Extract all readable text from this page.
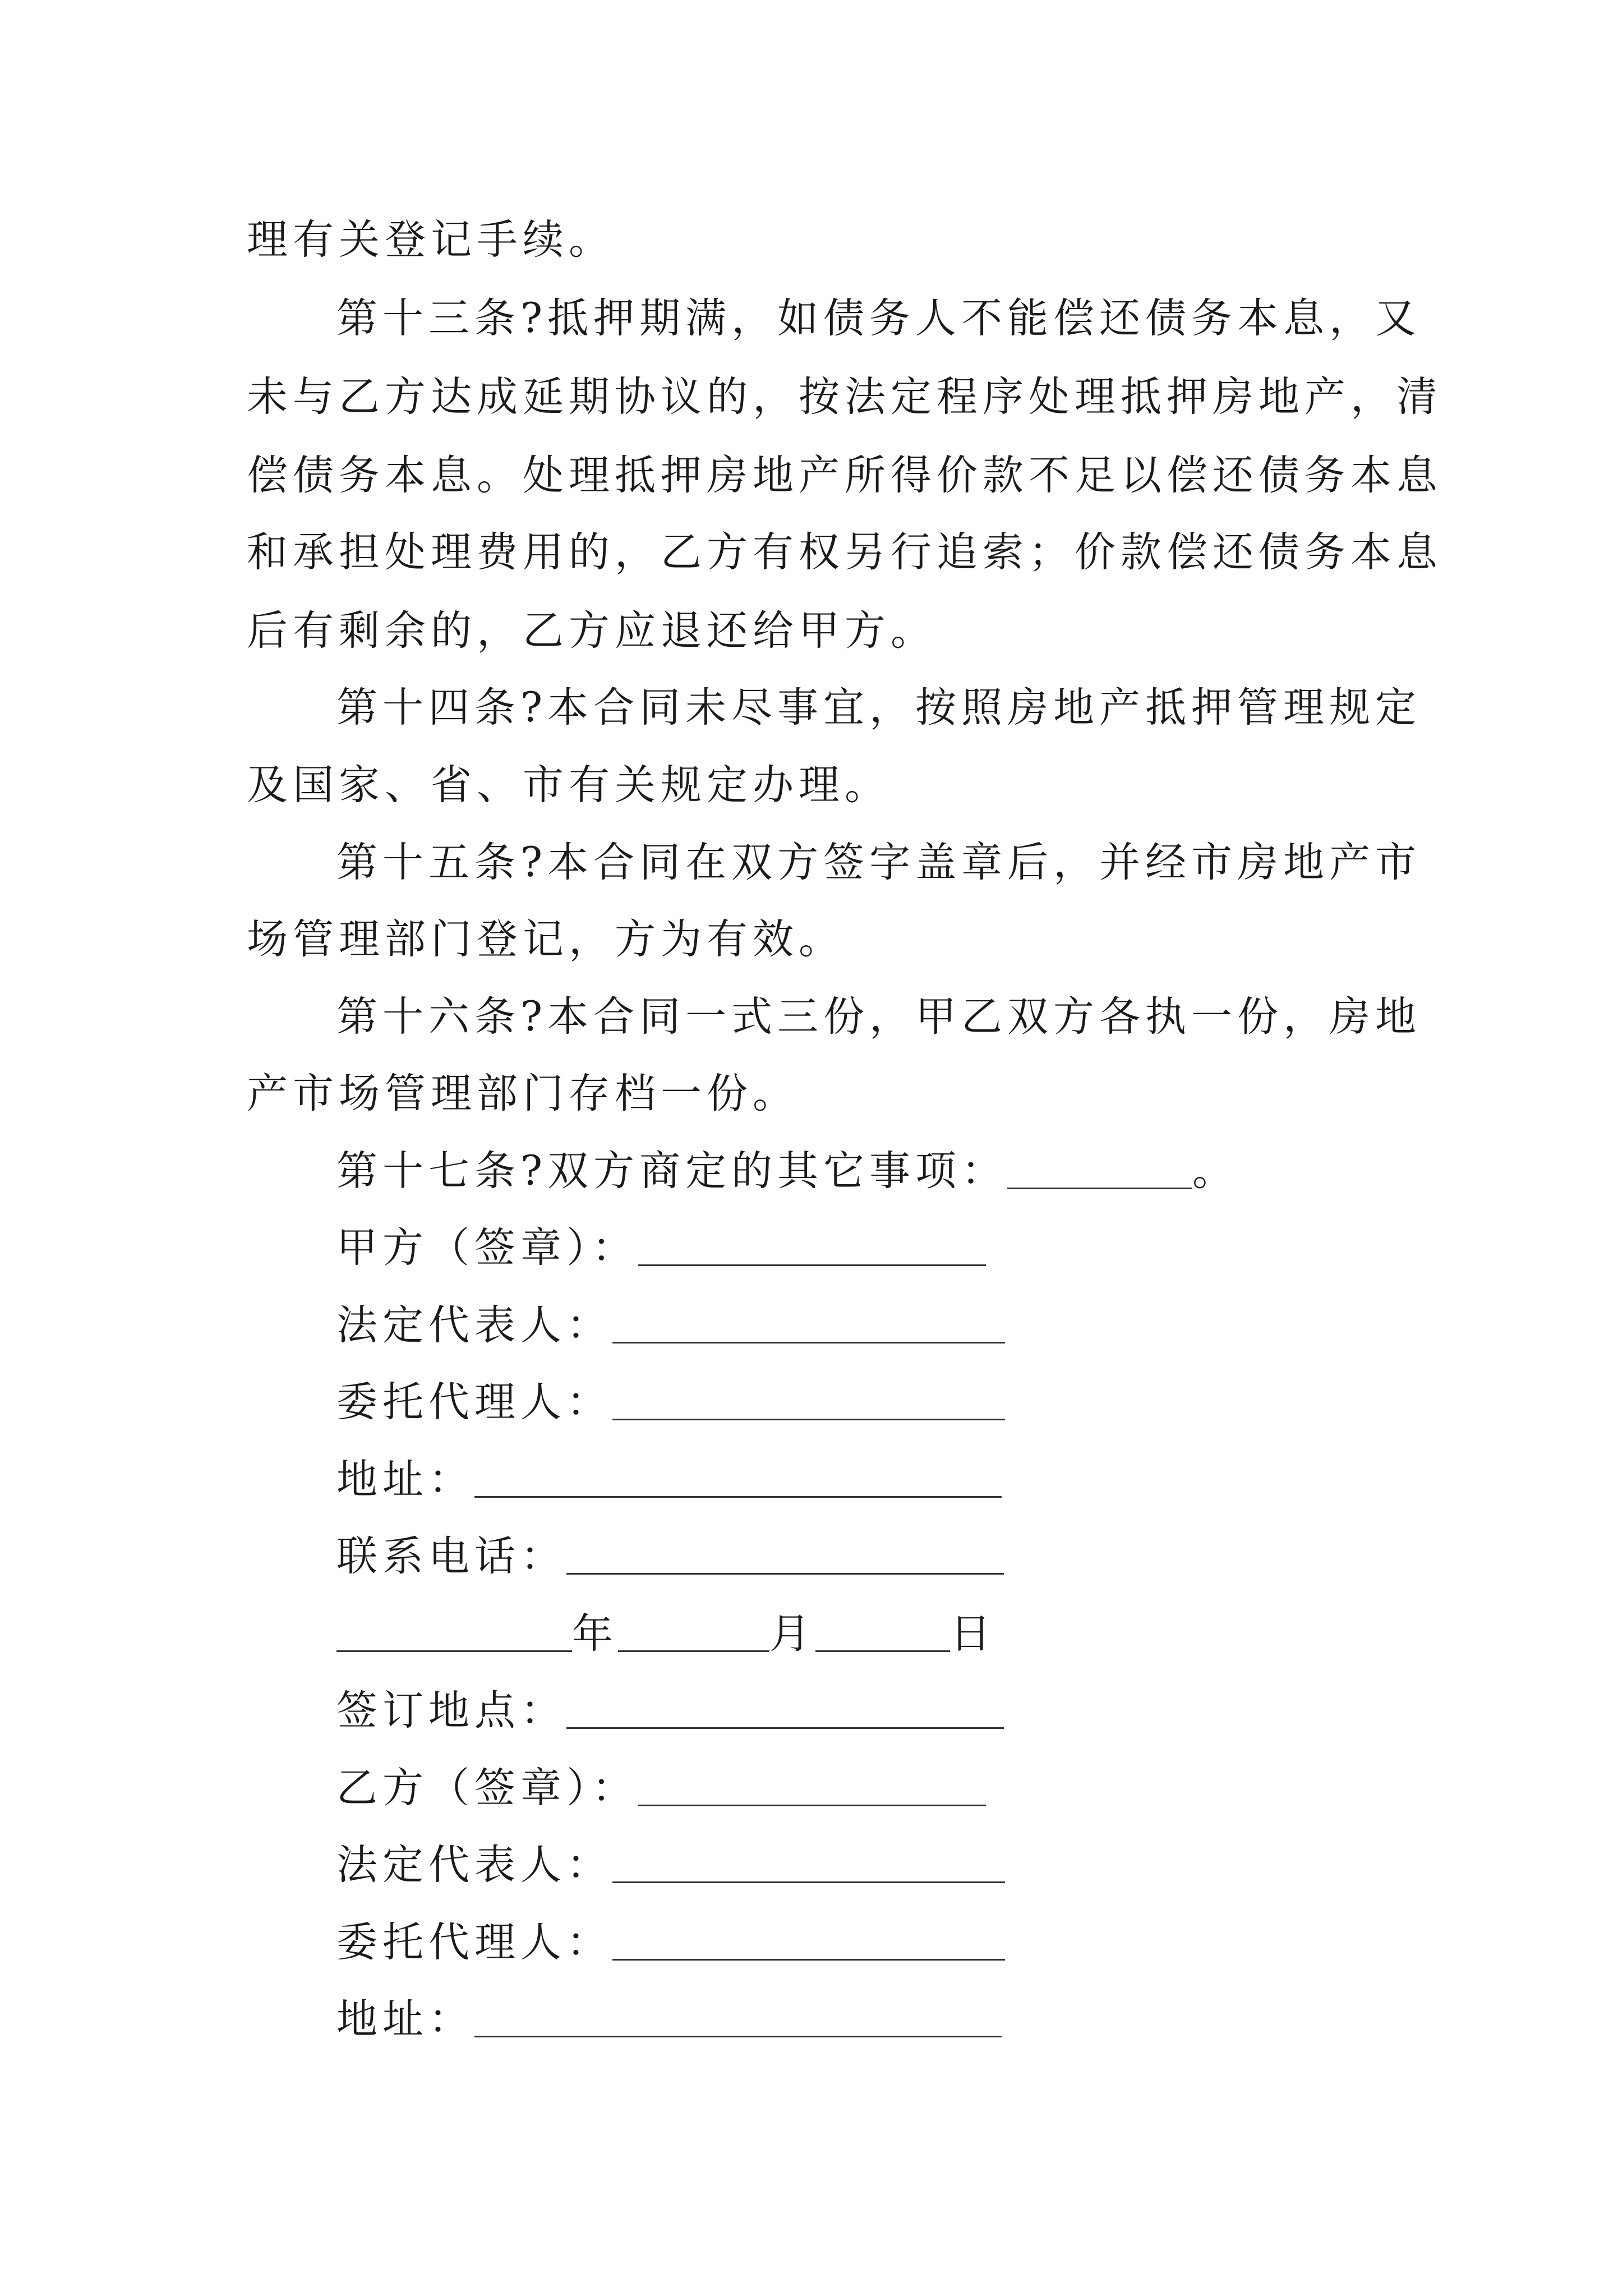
理有关登记手续。
第十三条?抵押期满，如债务人不能偿还债务本息，又
未与乙方达成延期协议的，按法定程序处理抵押房地产，清
偿债务本息。处理抵押房地产所得价款不足以偿还债务本息
和承担处理费用的，乙方有权另行追索；价款偿还债务本息
后有剩余的，乙方应退还给甲方。
第十四条?本合同未尽事宜，按照房地产抵押管理规定
及国家、省、市有关规定办理。
第十五条?本合同在双方签字盖章后，并经市房地产市
场管理部门登记，方为有效。
第十六条?本合同一式三份，甲乙双方各执一份，房地
产市场管理部门存档一份。
第十七条?双方商定的其它事项：	。
甲方（签章）：
法定代表人：
委托代理人：
地址：
联系电话：
年	月	日
签订地点：
乙方（签章）：
法定代表人：
委托代理人：
地址：
